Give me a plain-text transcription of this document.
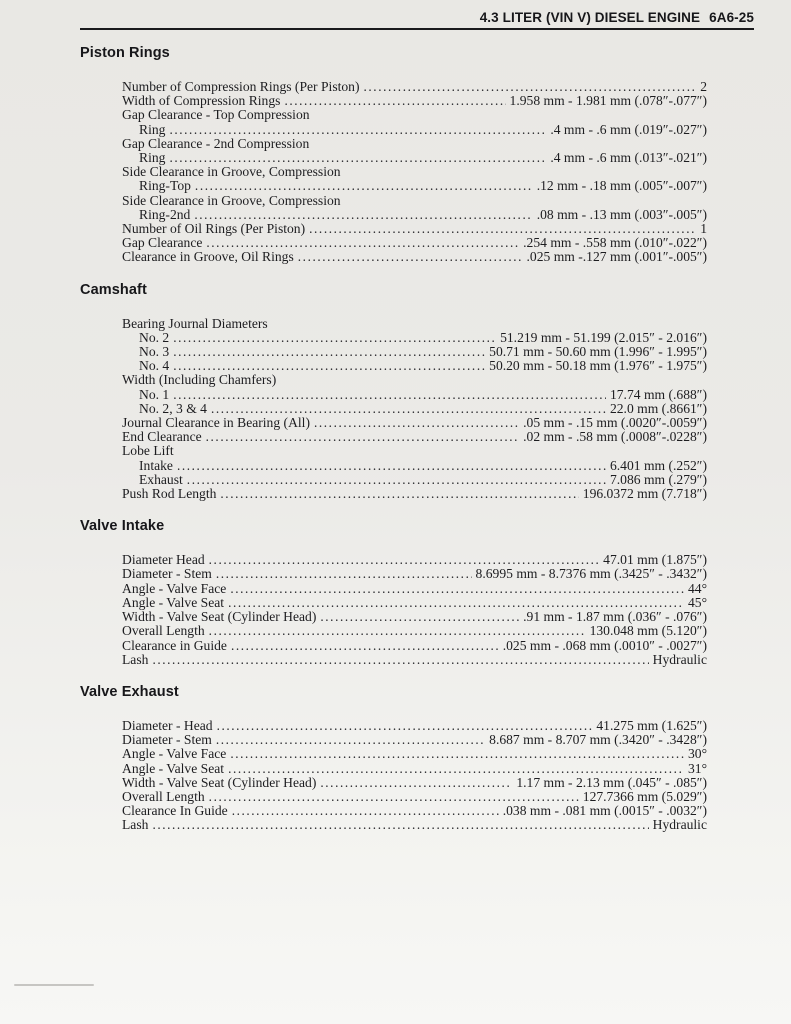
4.3 LITER (VIN V) DIESEL ENGINE 6A6-25
Piston Rings
Number of Compression Rings (Per Piston) .....	2
Width of Compression Rings .....	1.958 mm - 1.981 mm (.078″-.077″)
Gap Clearance - Top Compression
Ring .....	.4 mm - .6 mm (.019″-.027″)
Gap Clearance - 2nd Compression
Ring .....	.4 mm - .6 mm (.013″-.021″)
Side Clearance in Groove, Compression
Ring-Top .....	.12 mm - .18 mm (.005″-.007″)
Side Clearance in Groove, Compression
Ring-2nd .....	.08 mm - .13 mm (.003″-.005″)
Number of Oil Rings (Per Piston) .....	1
Gap Clearance .....	.254 mm - .558 mm (.010″-.022″)
Clearance in Groove, Oil Rings .....	.025 mm -.127 mm (.001″-.005″)
Camshaft
Bearing Journal Diameters
No. 2 .....	51.219 mm - 51.199 (2.015″ - 2.016″)
No. 3 .....	50.71 mm - 50.60 mm (1.996″ - 1.995″)
No. 4 .....	50.20 mm - 50.18 mm (1.976″ - 1.975″)
Width (Including Chamfers)
No. 1 .....	17.74 mm (.688″)
No. 2, 3 & 4 .....	22.0 mm (.8661″)
Journal Clearance in Bearing (All) .....	.05 mm - .15 mm (.0020″-.0059″)
End Clearance .....	.02 mm - .58 mm (.0008″-.0228″)
Lobe Lift
Intake .....	6.401 mm (.252″)
Exhaust .....	7.086 mm (.279″)
Push Rod Length .....	196.0372 mm (7.718″)
Valve Intake
Diameter Head .....	47.01 mm (1.875″)
Diameter - Stem .....	8.6995 mm - 8.7376 mm (.3425″ - .3432″)
Angle - Valve Face .....	44°
Angle - Valve Seat .....	45°
Width - Valve Seat (Cylinder Head) .....	.91 mm - 1.87 mm (.036″ - .076″)
Overall Length .....	130.048 mm (5.120″)
Clearance in Guide .....	.025 mm - .068 mm (.0010″ - .0027″)
Lash .....	Hydraulic
Valve Exhaust
Diameter - Head .....	41.275 mm (1.625″)
Diameter - Stem .....	8.687 mm - 8.707 mm (.3420″ - .3428″)
Angle - Valve Face .....	30°
Angle - Valve Seat .....	31°
Width - Valve Seat (Cylinder Head) .....	1.17 mm - 2.13 mm (.045″ - .085″)
Overall Length .....	127.7366 mm (5.029″)
Clearance In Guide .....	.038 mm - .081 mm (.0015″ - .0032″)
Lash .....	Hydraulic
